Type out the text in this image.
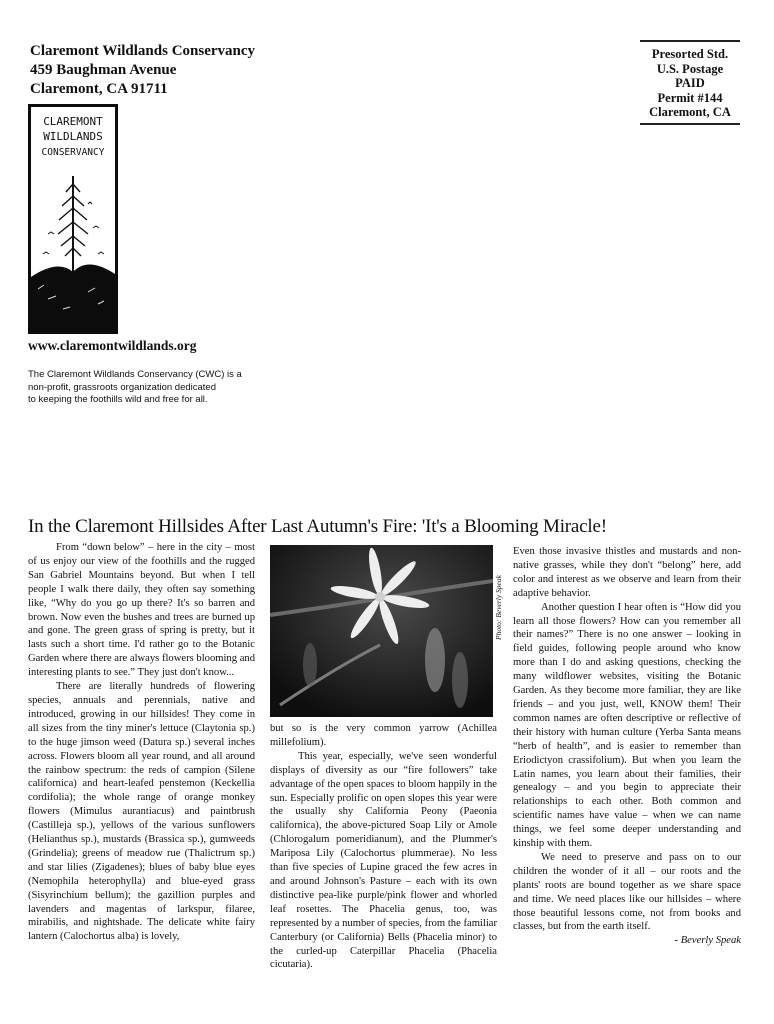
Claremont Wildlands Conservancy
459 Baughman Avenue
Claremont, CA 91711
Presorted Std.
U.S. Postage
PAID
Permit #144
Claremont, CA
CLAREMONT
WILDLANDS
CONSERVANCY
www.claremontwildlands.org
The Claremont Wildlands Conservancy (CWC) is a
non-profit, grassroots organization dedicated
to keeping the foothills wild and free for all.
In the Claremont Hillsides After Last Autumn's Fire: 'It's a Blooming Miracle!

From “down below” – here in the city – most of us enjoy our view of the foothills and the rugged San Gabriel Mountains beyond. But when I tell people I walk there daily, they often say something like, “Why do you go up there? It's so barren and brown. Now even the bushes and trees are burned up and gone. The green grass of spring is pretty, but it lasts such a short time. I'd rather go to the Botanic Garden where there are always flowers blooming and interesting plants to see.” They just don't know...

There are literally hundreds of flowering species, annuals and perennials, native and introduced, growing in our hillsides! They come in all sizes from the tiny miner's lettuce (Claytonia sp.) to the huge jimson weed (Datura sp.) several inches across. Flowers bloom all year round, and all around the rainbow spectrum: the reds of campion (Silene californica) and heart-leafed penstemon (Keckellia cordifolia); the whole range of orange monkey flowers (Mimulus aurantiacus) and paintbrush (Castilleja sp.), yellows of the various sunflowers (Helianthus sp.), mustards (Brassica sp.), gumweeds (Grindelia); greens of meadow rue (Thalictrum sp.) and star lilies (Zigadenes); blues of baby blue eyes (Nemophila heterophylla) and blue-eyed grass (Sisyrinchium bellum); the gazillion purples and lavenders and magentas of larkspur, filaree, mirabilis, and nightshade. The delicate white fairy lantern (Calochortus alba) is lovely,

Photo: Beverly Speak

but so is the very common yarrow (Achillea millefolium).

This year, especially, we've seen wonderful displays of diversity as our “fire followers” take advantage of the open spaces to bloom happily in the sun. Especially prolific on open slopes this year were the usually shy California Peony (Paeonia californica), the above-pictured Soap Lily or Amole (Chlorogalum pomeridianum), and the Plummer's Mariposa Lily (Calochortus plummerae). No less than five species of Lupine graced the few acres in and around Johnson's Pasture – each with its own distinctive pea-like purple/pink flower and whorled leaf rosettes. The Phacelia genus, too, was represented by a number of species, from the familiar Canterbury (or California) Bells (Phacelia minor) to the curled-up Caterpillar Phacelia (Phacelia cicutaria).

Even those invasive thistles and mustards and non-native grasses, while they don't “belong” here, add color and interest as we observe and learn from their adaptive behavior.

Another question I hear often is “How did you learn all those flowers? How can you remember all their names?” There is no one answer – looking in field guides, following people around who know more than I do and asking questions, checking the many wildflower websites, visiting the Botanic Garden. As they become more familiar, they are like friends – and you just, well, KNOW them! Their common names are often descriptive or reflective of their history with human culture (Yerba Santa means “herb of health”, and is easier to remember than Eriodictyon crassifolium). But when you learn the Latin names, you learn about their families, their genealogy – and you begin to appreciate their relationships to each other. Both common and scientific names have value – when we can name things, we feel some deeper understanding and kinship with them.

We need to preserve and pass on to our children the wonder of it all – our roots and the plants' roots are bound together as we share space and time. We need places like our hillsides – where those beautiful lessons come, not from books and classes, but from the earth itself.

- Beverly Speak
